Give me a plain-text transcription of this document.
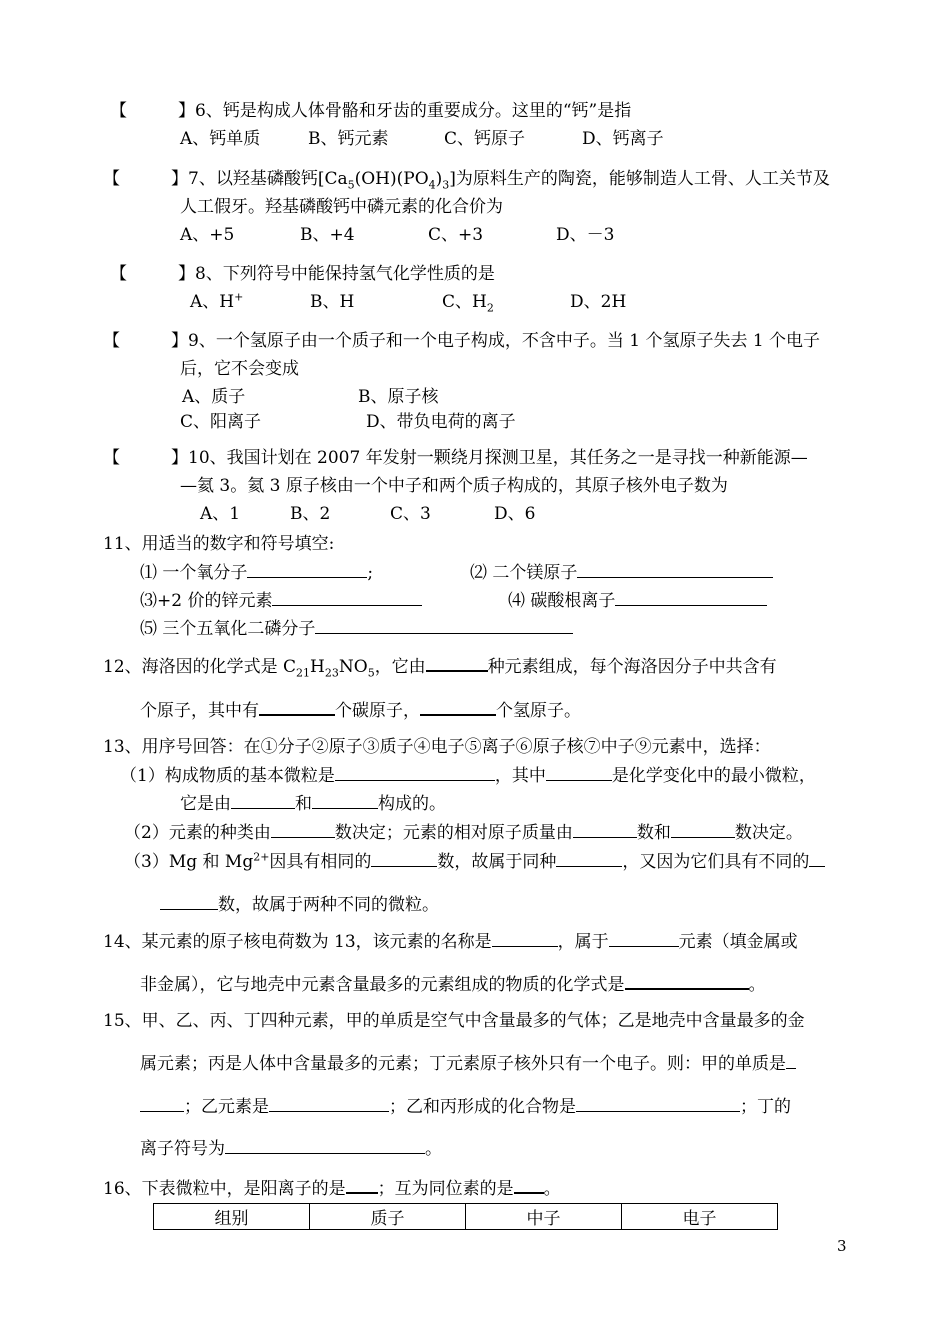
【　　　】6、钙是构成人体骨骼和牙齿的重要成分。这里的“钙”是指
A、钙单质	B、钙元素	C、钙原子	D、钙离子
【　　　】7、以羟基磷酸钙$[Ca_5(OH)(PO_4)_3]$为原料生产的陶瓷，能够制造人工骨、人工关节及
人工假牙。羟基磷酸钙中磷元素的化合价为
A、+5	B、+4	C、+3	D、－3
【　　　】8、下列符号中能保持氢气化学性质的是
A、H+	B、H	C、$H_2$	D、2H
【　　　】9、一个氢原子由一个质子和一个电子构成，不含中子。当 1 个氢原子失去 1 个电子
后，它不会变成
A、质子	B、原子核
C、阳离子	D、带负电荷的离子
【　　　】10、我国计划在 2007 年发射一颗绕月探测卫星，其任务之一是寻找一种新能源—
—氦 3。氦 3 原子核由一个中子和两个质子构成的，其原子核外电子数为
A、1	B、2	C、3	D、6
11、用适当的数字和符号填空:
⑴ 一个氧分子	;	⑵ 二个镁原子
⑶+2 价的锌元素	⑷ 碳酸根离子
⑸ 三个五氧化二磷分子
12、海洛因的化学式是 $C_{21}H_{23}NO_5$，它由	种元素组成，每个海洛因分子中共含有
个原子，其中有	个碳原子，	个氢原子。
13、用序号回答：在①分子②原子③质子④电子⑤离子⑥原子核⑦中子⑨元素中，选择：
（1）构成物质的基本微粒是	，其中	是化学变化中的最小微粒，
它是由	和	构成的。
（2）元素的种类由	数决定；元素的相对原子质量由	数和	数决定。
（3）Mg 和 $Mg^{2+}$因具有相同的	数，故属于同种	，又因为它们具有不同的
数，故属于两种不同的微粒。
14、某元素的原子核电荷数为 13，该元素的名称是	，属于	元素（填金属或
非金属），它与地壳中元素含量最多的元素组成的物质的化学式是	。
15、甲、乙、丙、丁四种元素，甲的单质是空气中含量最多的气体；乙是地壳中含量最多的金
属元素；丙是人体中含量最多的元素；丁元素原子核外只有一个电子。则：甲的单质是
；乙元素是	；乙和丙形成的化合物是	；丁的
离子符号为	。
16、下表微粒中，是阳离子的是 ；互为同位素的是 。
组别	质子	中子	电子
3
